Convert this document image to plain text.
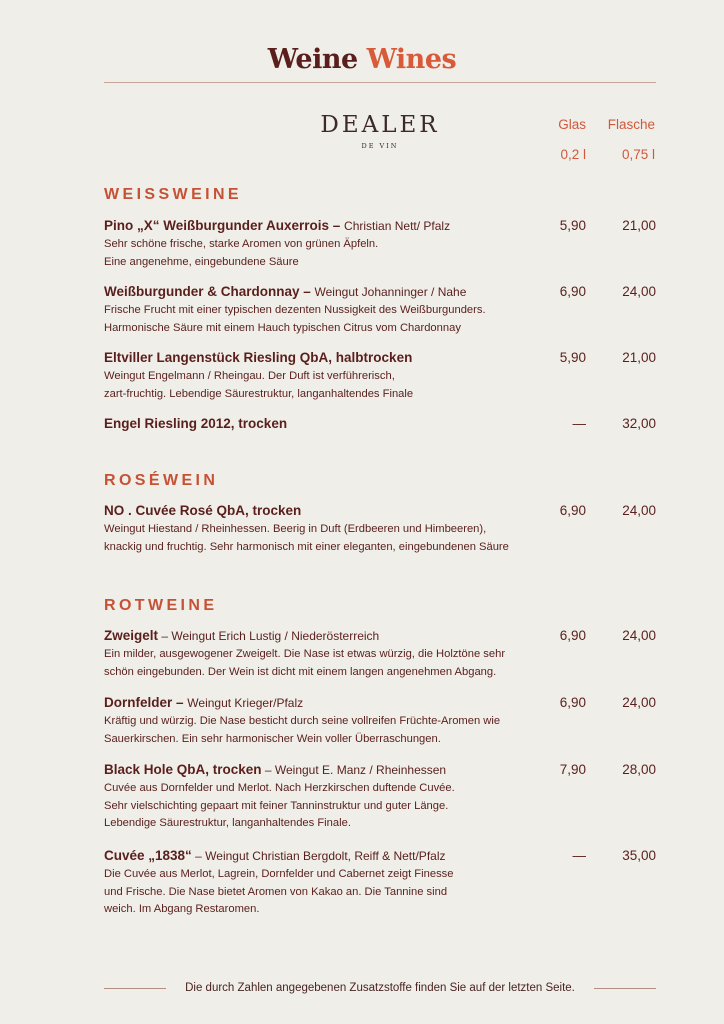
Weine Wines
DEALER
DE VIN
Glas Flasche
0,2 l	0,75 l
WEISSWEINE
Pino „X“ Weißburgunder Auxerrois – Christian Nett/ Pfalz
Sehr schöne frische, starke Aromen von grünen Äpfeln.
Eine angenehme, eingebundene Säure
5,90	21,00
Weißburgunder & Chardonnay – Weingut Johanninger / Nahe
Frische Frucht mit einer typischen dezenten Nussigkeit des Weißburgunders.
Harmonische Säure mit einem Hauch typischen Citrus vom Chardonnay
6,90	24,00
Eltviller Langenstück Riesling QbA, halbtrocken
Weingut Engelmann / Rheingau. Der Duft ist verführerisch,
zart-fruchtig. Lebendige Säurestruktur, langanhaltendes Finale
5,90	21,00
Engel Riesling 2012, trocken	—	32,00
ROSÉWEIN
NO . Cuvée Rosé QbA, trocken
Weingut Hiestand / Rheinhessen. Beerig in Duft (Erdbeeren und Himbeeren),
knackig und fruchtig. Sehr harmonisch mit einer eleganten, eingebundenen Säure
6,90	24,00
ROTWEINE
Zweigelt – Weingut Erich Lustig / Niederösterreich
Ein milder, ausgewogener Zweigelt. Die Nase ist etwas würzig, die Holztöne sehr
schön eingebunden. Der Wein ist dicht mit einem langen angenehmen Abgang.
6,90	24,00
Dornfelder – Weingut Krieger/Pfalz
Kräftig und würzig. Die Nase besticht durch seine vollreifen Früchte-Aromen wie
Sauerkirschen. Ein sehr harmonischer Wein voller Überraschungen.
6,90	24,00
Black Hole QbA, trocken – Weingut E. Manz / Rheinhessen
Cuvée aus Dornfelder und Merlot. Nach Herzkirschen duftende Cuvée.
Sehr vielschichting gepaart mit feiner Tanninstruktur und guter Länge.
Lebendige Säurestruktur, langanhaltendes Finale.
7,90	28,00
Cuvée „1838“ – Weingut Christian Bergdolt, Reiff & Nett/Pfalz
Die Cuvée aus Merlot, Lagrein, Dornfelder und Cabernet zeigt Finesse
und Frische. Die Nase bietet Aromen von Kakao an. Die Tannine sind
weich. Im Abgang Restaromen.
—	35,00
Die durch Zahlen angegebenen Zusatzstoffe finden Sie auf der letzten Seite.
